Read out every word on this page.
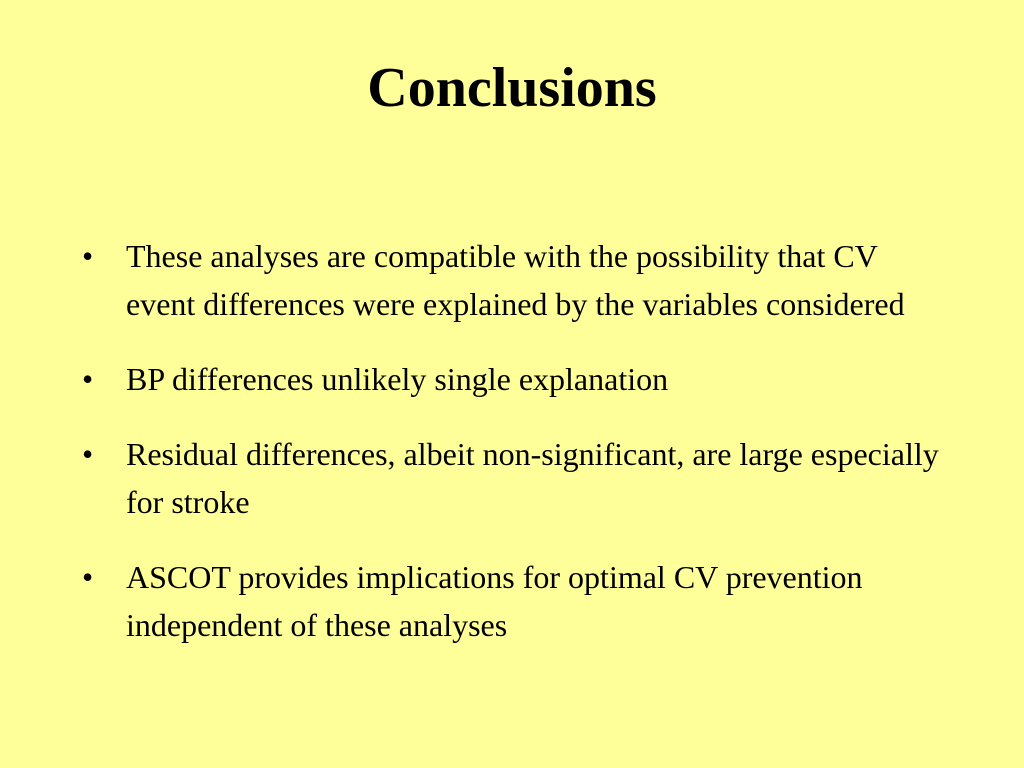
Conclusions
•	These analyses are compatible with the possibility that CV event differences were explained by the variables considered
•	BP differences unlikely single explanation
•	Residual differences, albeit non-significant, are large especially for stroke
•	ASCOT provides implications for optimal CV prevention independent of these analyses
